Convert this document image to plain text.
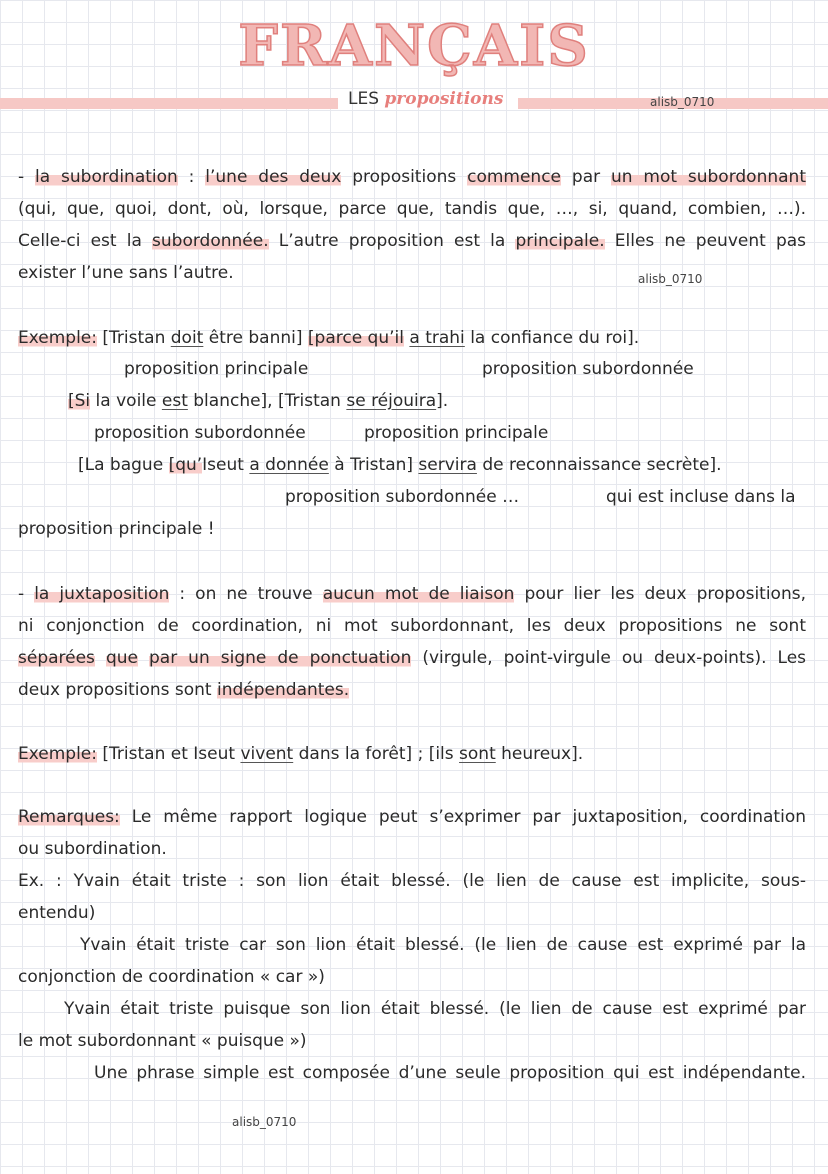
FRANÇAIS
LES propositions	alisb_0710
- la subordination : l’une des deux propositions commence par un mot subordonnant
(qui, que, quoi, dont, où, lorsque, parce que, tandis que, …, si, quand, combien, …).
Celle-ci est la subordonnée. L’autre proposition est la principale. Elles ne peuvent pas
exister l’une sans l’autre.	alisb_0710
Exemple: [Tristan doit être banni] [parce qu’il a trahi la confiance du roi].
proposition principale	proposition subordonnée
[Si la voile est blanche], [Tristan se réjouira].
proposition subordonnée	proposition principale
[La bague [qu’Iseut a donnée à Tristan] servira de reconnaissance secrète].
proposition subordonnée …	qui est incluse dans la
proposition principale !
- la juxtaposition : on ne trouve aucun mot de liaison pour lier les deux propositions,
ni conjonction de coordination, ni mot subordonnant, les deux propositions ne sont
séparées que par un signe de ponctuation (virgule, point-virgule ou deux-points). Les
deux propositions sont indépendantes.
Exemple: [Tristan et Iseut vivent dans la forêt] ; [ils sont heureux].
Remarques: Le même rapport logique peut s’exprimer par juxtaposition, coordination
ou subordination.
Ex. : Yvain était triste : son lion était blessé. (le lien de cause est implicite, sous-
entendu)
Yvain était triste car son lion était blessé. (le lien de cause est exprimé par la
conjonction de coordination « car »)
Yvain était triste puisque son lion était blessé. (le lien de cause est exprimé par
le mot subordonnant « puisque »)
Une phrase simple est composée d’une seule proposition qui est indépendante.
alisb_0710
